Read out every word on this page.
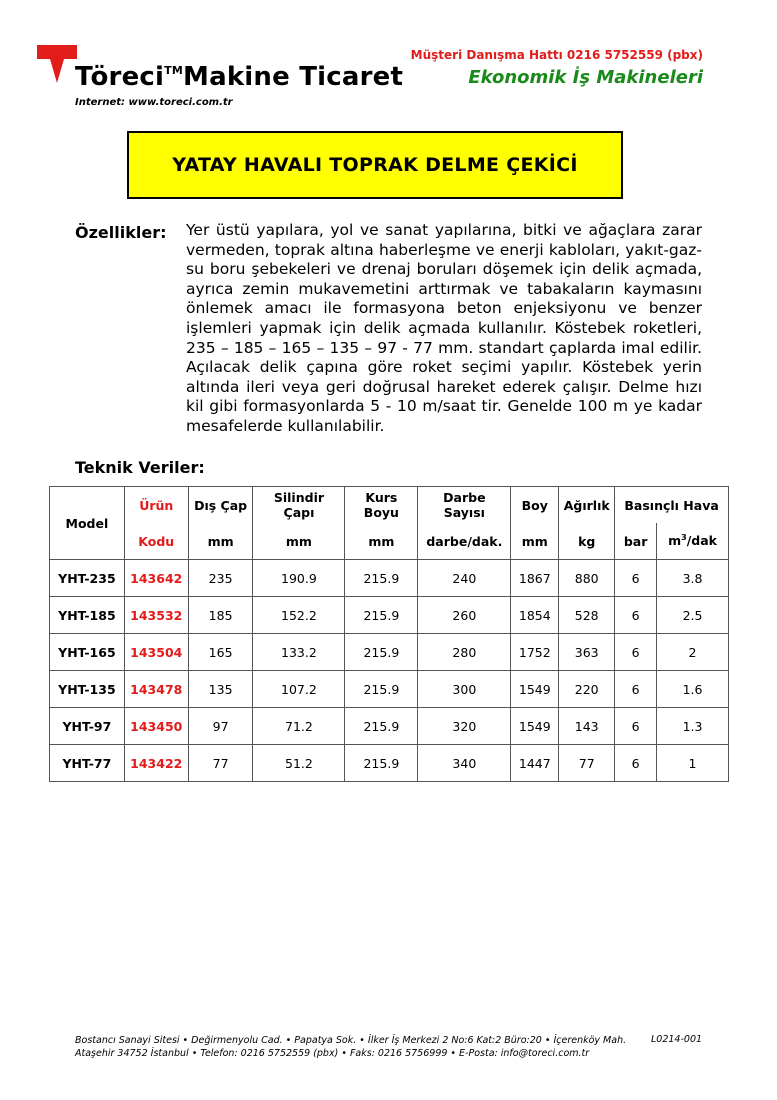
Töreci™Makine Ticaret
Internet: www.toreci.com.tr
Müşteri Danışma Hattı 0216 5752559 (pbx)
Ekonomik İş Makineleri
YATAY HAVALI TOPRAK DELME ÇEKİCİ
Özellikler: Yer üstü yapılara, yol ve sanat yapılarına, bitki ve ağaçlara zarar vermeden, toprak altına haberleşme ve enerji kabloları, yakıt-gaz-su boru şebekeleri ve drenaj boruları döşemek için delik açmada, ayrıca zemin mukavemetini arttırmak ve tabakaların kaymasını önlemek amacı ile formasyona beton enjeksiyonu ve benzer işlemleri yapmak için delik açmada kullanılır. Köstebek roketleri, 235 – 185 – 165 – 135 – 97 - 77 mm. standart çaplarda imal edilir. Açılacak delik çapına göre roket seçimi yapılır. Köstebek yerin altında ileri veya geri doğrusal hareket ederek çalışır. Delme hızı kil gibi formasyonlarda 5 - 10 m/saat tir. Genelde 100 m ye kadar mesafelerde kullanılabilir.
Teknik Veriler:
Model	Ürün	Dış Çap	Silindir Çapı	Kurs Boyu	Darbe Sayısı	Boy	Ağırlık	Basınçlı Hava	
	Kodu	mm	mm	mm	darbe/dak.	mm	kg	bar	$m^3$/dak
YHT-235	143642	235	190.9	215.9	240	1867	880	6	3.8
YHT-185	143532	185	152.2	215.9	260	1854	528	6	2.5
YHT-165	143504	165	133.2	215.9	280	1752	363	6	2
YHT-135	143478	135	107.2	215.9	300	1549	220	6	1.6
YHT-97	143450	97	71.2	215.9	320	1549	143	6	1.3
YHT-77	143422	77	51.2	215.9	340	1447	77	6	1
Bostancı Sanayi Sitesi • Değirmenyolu Cad. • Papatya Sok. • İlker İş Merkezi 2 No:6 Kat:2 Büro:20 • İçerenköy Mah.
Ataşehir 34752 İstanbul • Telefon: 0216 5752559 (pbx) • Faks: 0216 5756999 • E-Posta: info@toreci.com.tr
L0214-001
